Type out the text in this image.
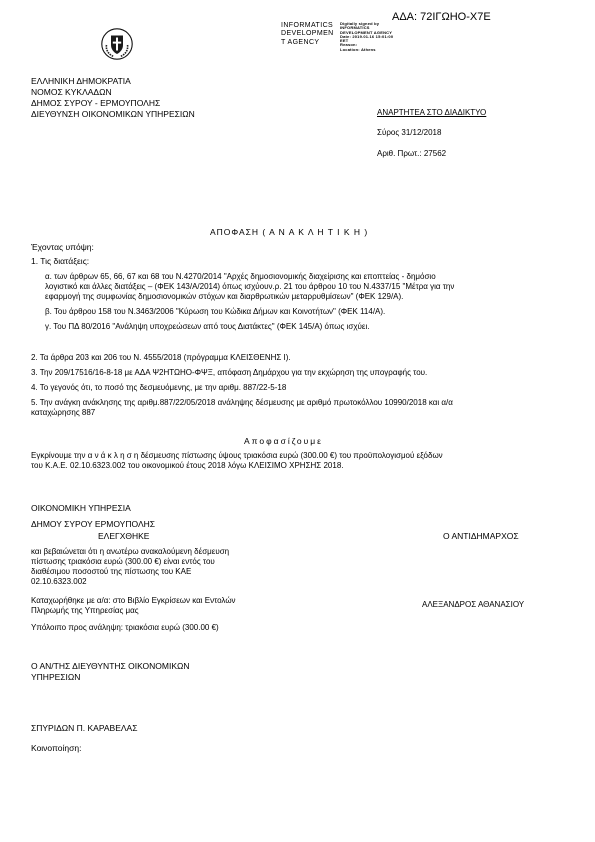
ΑΔΑ: 72ΙΓΩΗΟ-Χ7Ε
INFORMATICS
DEVELOPMEN
T AGENCY
Digitally signed by
INFORMATICS
DEVELOPMENT AGENCY
Date: 2019.01.16 15:01:00
EET
Reason:
Location: Athens
ΕΛΛΗΝΙΚΗ ΔΗΜΟΚΡΑΤΙΑ
ΝΟΜΟΣ ΚΥΚΛΑΔΩΝ
ΔΗΜΟΣ ΣΥΡΟΥ - ΕΡΜΟΥΠΟΛΗΣ
ΔΙΕΥΘΥΝΣΗ ΟΙΚΟΝΟΜΙΚΩΝ ΥΠΗΡΕΣΙΩΝ	ΑΝΑΡΤΗΤΕΑ ΣΤΟ ΔΙΑΔΙΚΤΥΟ
Σύρος 31/12/2018
Αριθ. Πρωτ.: 27562
ΑΠΟΦΑΣΗ ( Α Ν Α Κ Λ Η Τ Ι Κ Η )
Έχοντας υπόψη:
1. Τις διατάξεις:
α. των άρθρων 65, 66, 67 και 68 του Ν.4270/2014 "Αρχές δημοσιονομικής διαχείρισης και εποπτείας - δημόσιο
λογιστικό και άλλες διατάξεις – (ΦΕΚ 143/Α/2014) όπως ισχύουν.ρ. 21 του άρθρου 10 του Ν.4337/15 "Μέτρα για την
εφαρμογή της συμφωνίας δημοσιονομικών στόχων και διαρθρωτικών μεταρρυθμίσεων" (ΦΕΚ 129/Α).
β. Του άρθρου 158 του Ν.3463/2006 "Κύρωση του Κώδικα Δήμων και Κοινοτήτων" (ΦΕΚ 114/Α).
γ. Του ΠΔ 80/2016 "Ανάληψη υποχρεώσεων από τους Διατάκτες" (ΦΕΚ 145/Α) όπως ισχύει.
2. Τα άρθρα 203 και 206 του Ν. 4555/2018 (πρόγραμμα ΚΛΕΙΣΘΕΝΗΣ Ι).
3. Την 209/17516/16-8-18 με ΑΔΑ Ψ2ΗΤΩΗΟ-ΦΨΞ, απόφαση Δημάρχου για την εκχώρηση της υπογραφής του.
4. Το γεγονός ότι, το ποσό της δεσμευόμενης, με την αριθμ. 887/22-5-18
5. Την ανάγκη ανάκλησης της αριθμ.887/22/05/2018 ανάληψης δέσμευσης με αριθμό πρωτοκόλλου 10990/2018 και α/α
καταχώρησης 887
Αποφασίζουμε
Εγκρίνουμε την α ν ά κ λ η σ η δέσμευσης πίστωσης ύψους τριακόσια ευρώ (300.00 €) του προϋπολογισμού εξόδων
του Κ.Α.Ε. 02.10.6323.002 του οικονομικού έτους 2018 λόγω ΚΛΕΙΣΙΜΟ ΧΡΗΣΗΣ 2018.
ΟΙΚΟΝΟΜΙΚΗ ΥΠΗΡΕΣΙΑ
ΔΗΜΟΥ ΣΥΡΟΥ ΕΡΜΟΥΠΟΛΗΣ
ΕΛΕΓΧΘΗΚΕ	Ο ΑΝΤΙΔΗΜΑΡΧΟΣ
και βεβαιώνεται ότι η ανωτέρω ανακαλούμενη δέσμευση
πίστωσης τριακόσια ευρώ (300.00 €) είναι εντός του
διαθέσιμου ποσοστού της πίστωσης του ΚΑΕ
02.10.6323.002
Καταχωρήθηκε με α/α: στο Βιβλίο Εγκρίσεων και Εντολών
Πληρωμής της Υπηρεσίας μας
ΑΛΕΞΑΝΔΡΟΣ ΑΘΑΝΑΣΙΟΥ
Υπόλοιπο προς ανάληψη: τριακόσια ευρώ (300.00 €)
Ο ΑΝ/ΤΗΣ ΔΙΕΥΘΥΝΤΗΣ ΟΙΚΟΝΟΜΙΚΩΝ
ΥΠΗΡΕΣΙΩΝ
ΣΠΥΡΙΔΩΝ Π. ΚΑΡΑΒΕΛΑΣ
Κοινοποίηση:
